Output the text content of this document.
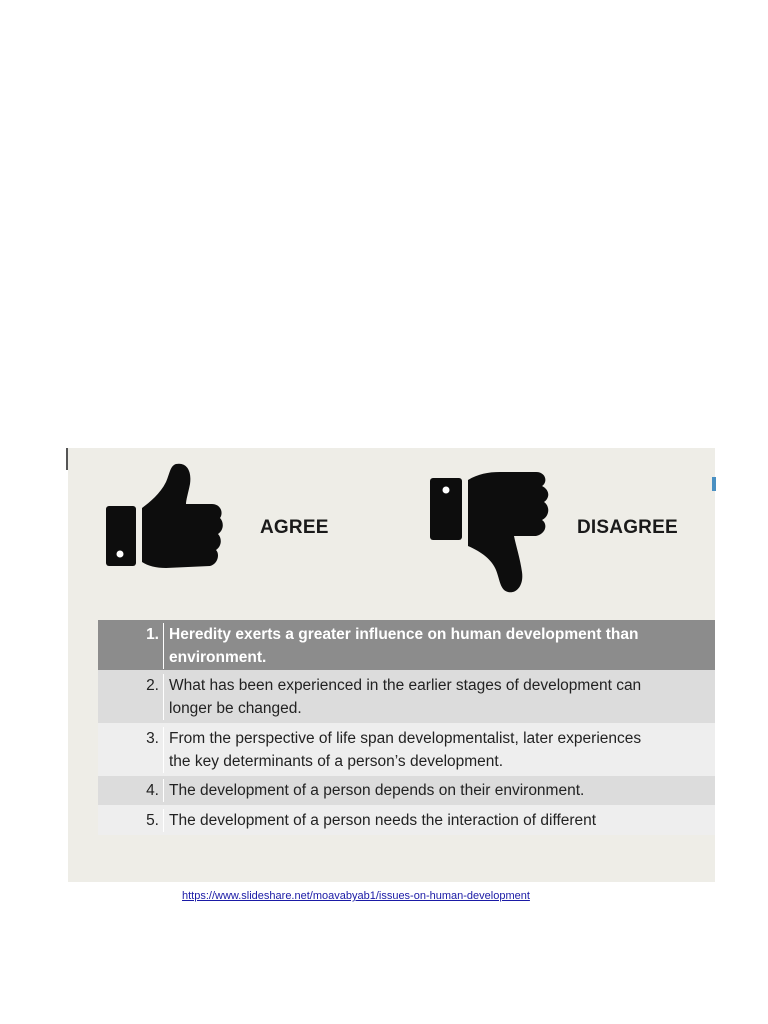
AGREE	DISAGREE
1. Heredity exerts a greater influence on human development than
environment.
2. What has been experienced in the earlier stages of development can
longer be changed.
3. From the perspective of life span developmentalist, later experiences
the key determinants of a person’s development.
4. The development of a person depends on their environment.
5. The development of a person needs the interaction of different
https://www.slideshare.net/moavabyab1/issues-on-human-development
